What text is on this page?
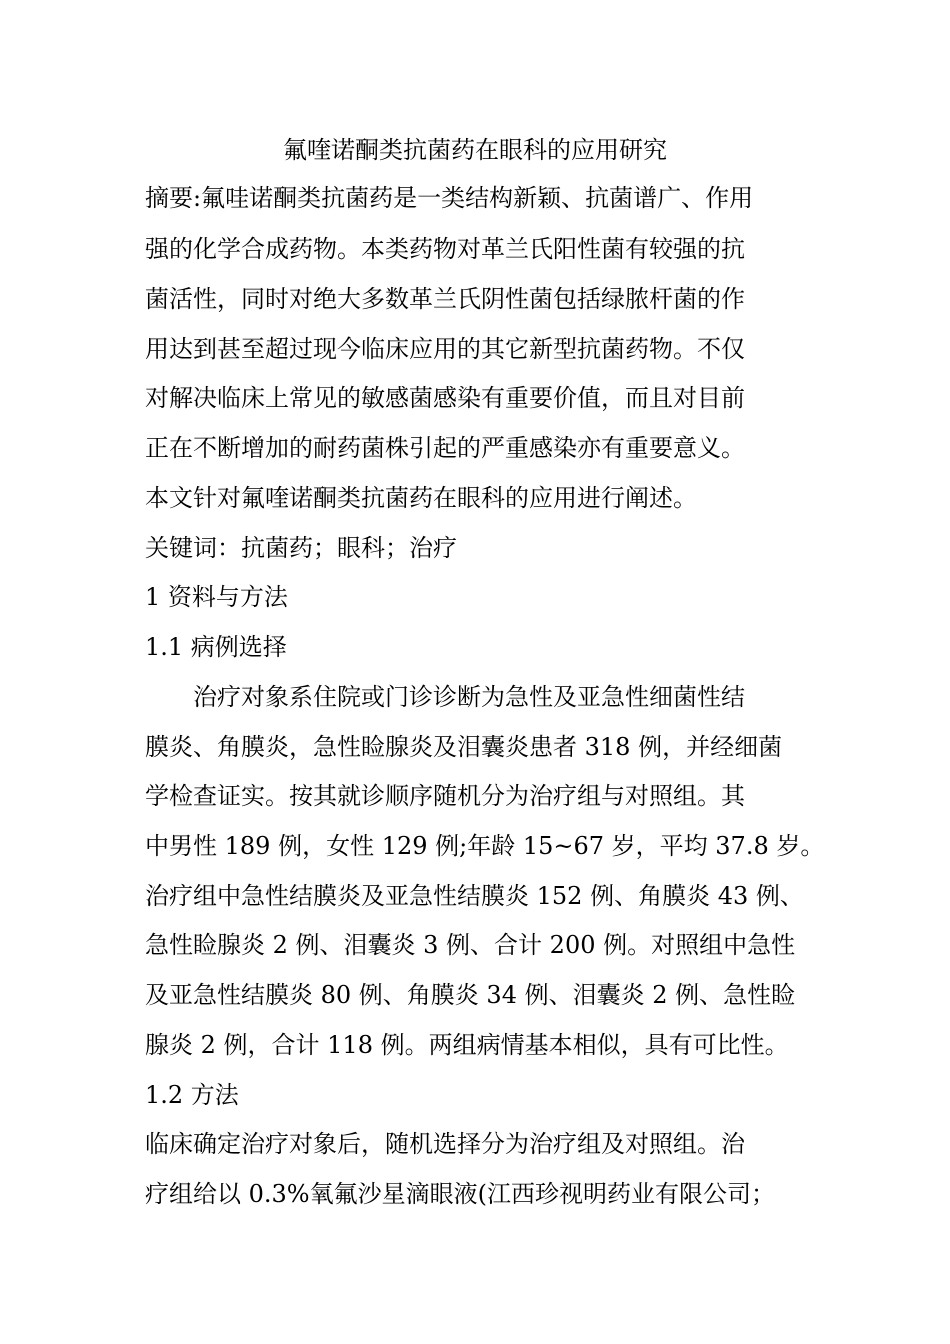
氟喹诺酮类抗菌药在眼科的应用研究
摘要:氟哇诺酮类抗菌药是一类结构新颖、抗菌谱广、作用
强的化学合成药物。本类药物对革兰氏阳性菌有较强的抗
菌活性，同时对绝大多数革兰氏阴性菌包括绿脓杆菌的作
用达到甚至超过现今临床应用的其它新型抗菌药物。不仅
对解决临床上常见的敏感菌感染有重要价值，而且对目前
正在不断增加的耐药菌株引起的严重感染亦有重要意义。
本文针对氟喹诺酮类抗菌药在眼科的应用进行阐述。
关键词：抗菌药；眼科；治疗
1 资料与方法
1.1 病例选择
治疗对象系住院或门诊诊断为急性及亚急性细菌性结
膜炎、角膜炎，急性睑腺炎及泪囊炎患者 318 例，并经细菌
学检查证实。按其就诊顺序随机分为治疗组与对照组。其
中男性 189 例，女性 129 例;年龄 15~67 岁，平均 37.8 岁。
治疗组中急性结膜炎及亚急性结膜炎 152 例、角膜炎 43 例、
急性睑腺炎 2 例、泪囊炎 3 例、合计 200 例。对照组中急性
及亚急性结膜炎 80 例、角膜炎 34 例、泪囊炎 2 例、急性睑
腺炎 2 例，合计 118 例。两组病情基本相似，具有可比性。
1.2 方法
临床确定治疗对象后，随机选择分为治疗组及对照组。治
疗组给以 0.3%氧氟沙星滴眼液(江西珍视明药业有限公司；
